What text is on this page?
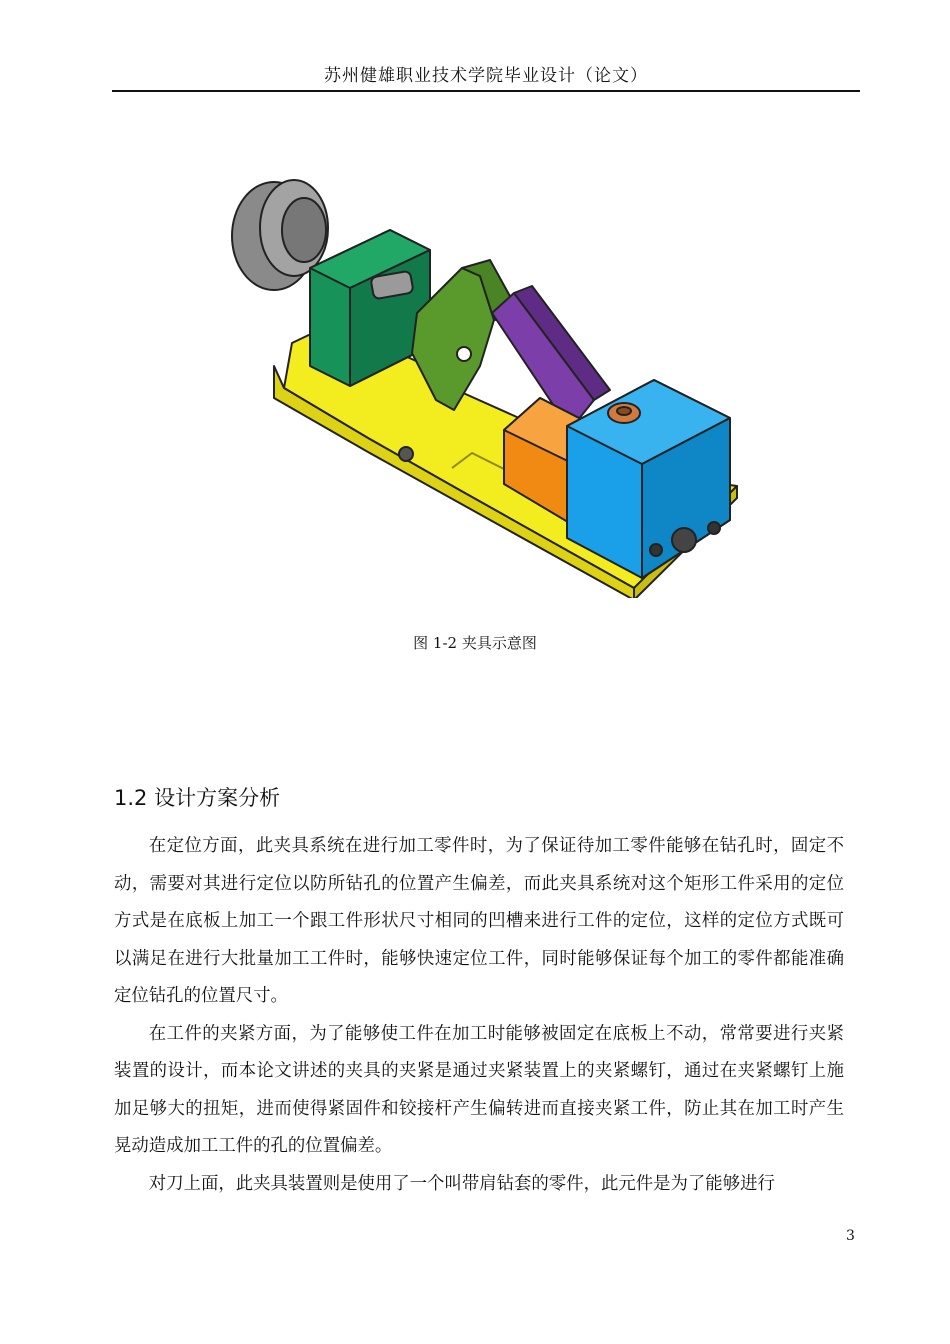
苏州健雄职业技术学院毕业设计（论文）
图 1-2 夹具示意图
1.2 设计方案分析

在定位方面，此夹具系统在进行加工零件时，为了保证待加工零件能够在钻孔时，固定不动，需要对其进行定位以防所钻孔的位置产生偏差，而此夹具系统对这个矩形工件采用的定位方式是在底板上加工一个跟工件形状尺寸相同的凹槽来进行工件的定位，这样的定位方式既可以满足在进行大批量加工工件时，能够快速定位工件，同时能够保证每个加工的零件都能准确定位钻孔的位置尺寸。

在工件的夹紧方面，为了能够使工件在加工时能够被固定在底板上不动，常常要进行夹紧装置的设计，而本论文讲述的夹具的夹紧是通过夹紧装置上的夹紧螺钉，通过在夹紧螺钉上施加足够大的扭矩，进而使得紧固件和铰接杆产生偏转进而直接夹紧工件，防止其在加工时产生晃动造成加工工件的孔的位置偏差。

对刀上面，此夹具装置则是使用了一个叫带肩钻套的零件，此元件是为了能够进行

3
